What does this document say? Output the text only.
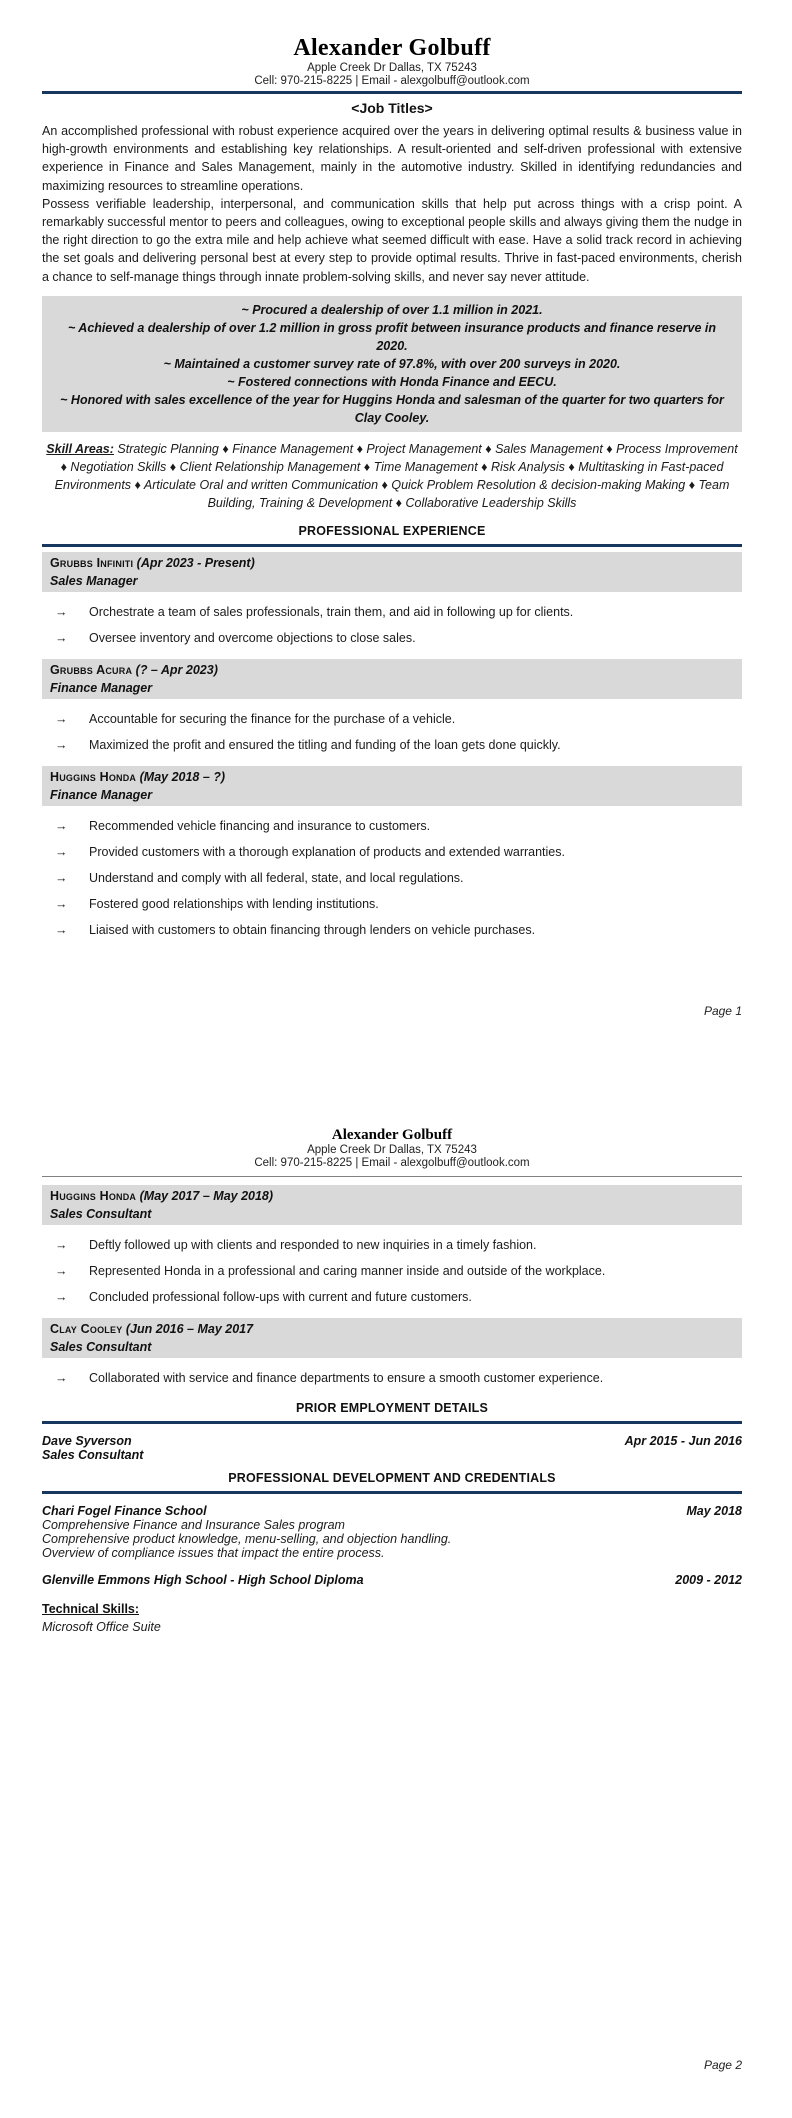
Alexander Golbuff
Apple Creek Dr Dallas, TX 75243
Cell: 970-215-8225 | Email - alexgolbuff@outlook.com
<Job Titles>

An accomplished professional with robust experience acquired over the years in delivering optimal results & business value in high-growth environments and establishing key relationships. A result-oriented and self-driven professional with extensive experience in Finance and Sales Management, mainly in the automotive industry. Skilled in identifying redundancies and maximizing resources to streamline operations.

Possess verifiable leadership, interpersonal, and communication skills that help put across things with a crisp point. A remarkably successful mentor to peers and colleagues, owing to exceptional people skills and always giving them the nudge in the right direction to go the extra mile and help achieve what seemed difficult with ease. Have a solid track record in achieving the set goals and delivering personal best at every step to provide optimal results. Thrive in fast-paced environments, cherish a chance to self-manage things through innate problem-solving skills, and never say never attitude.

~ Procured a dealership of over 1.1 million in 2021.

~ Achieved a dealership of over 1.2 million in gross profit between insurance products and finance reserve in 2020.

~ Maintained a customer survey rate of 97.8%, with over 200 surveys in 2020.

~ Fostered connections with Honda Finance and EECU.

~ Honored with sales excellence of the year for Huggins Honda and salesman of the quarter for two quarters for Clay Cooley.

Skill Areas: Strategic Planning ♦ Finance Management ♦ Project Management ♦ Sales Management ♦ Process Improvement ♦ Negotiation Skills ♦ Client Relationship Management ♦ Time Management ♦ Risk Analysis ♦ Multitasking in Fast-paced Environments ♦ Articulate Oral and written Communication ♦ Quick Problem Resolution & decision-making Making ♦ Team Building, Training & Development ♦ Collaborative Leadership Skills

PROFESSIONAL EXPERIENCE
Grubbs Infiniti (Apr 2023 - Present)
Sales Manager
→	Orchestrate a team of sales professionals, train them, and aid in following up for clients.
→	Oversee inventory and overcome objections to close sales.
Grubbs Acura (? – Apr 2023)
Finance Manager
→	Accountable for securing the finance for the purchase of a vehicle.
→	Maximized the profit and ensured the titling and funding of the loan gets done quickly.
Huggins Honda (May 2018 – ?)
Finance Manager
→	Recommended vehicle financing and insurance to customers.
→	Provided customers with a thorough explanation of products and extended warranties.
→	Understand and comply with all federal, state, and local regulations.
→	Fostered good relationships with lending institutions.
→	Liaised with customers to obtain financing through lenders on vehicle purchases.
Page 1
Alexander Golbuff
Apple Creek Dr Dallas, TX 75243
Cell: 970-215-8225 | Email - alexgolbuff@outlook.com
Huggins Honda (May 2017 – May 2018)
Sales Consultant
→	Deftly followed up with clients and responded to new inquiries in a timely fashion.
→	Represented Honda in a professional and caring manner inside and outside of the workplace.
→	Concluded professional follow-ups with current and future customers.
Clay Cooley (Jun 2016 – May 2017
Sales Consultant
→	Collaborated with service and finance departments to ensure a smooth customer experience.
PRIOR EMPLOYMENT DETAILS
Dave Syverson	Apr 2015 - Jun 2016
Sales Consultant
PROFESSIONAL DEVELOPMENT AND CREDENTIALS
Chari Fogel Finance School	May 2018
Comprehensive Finance and Insurance Sales program
Comprehensive product knowledge, menu-selling, and objection handling.
Overview of compliance issues that impact the entire process.
Glenville Emmons High School - High School Diploma	2009 - 2012
Technical Skills:
Microsoft Office Suite
Page 2
